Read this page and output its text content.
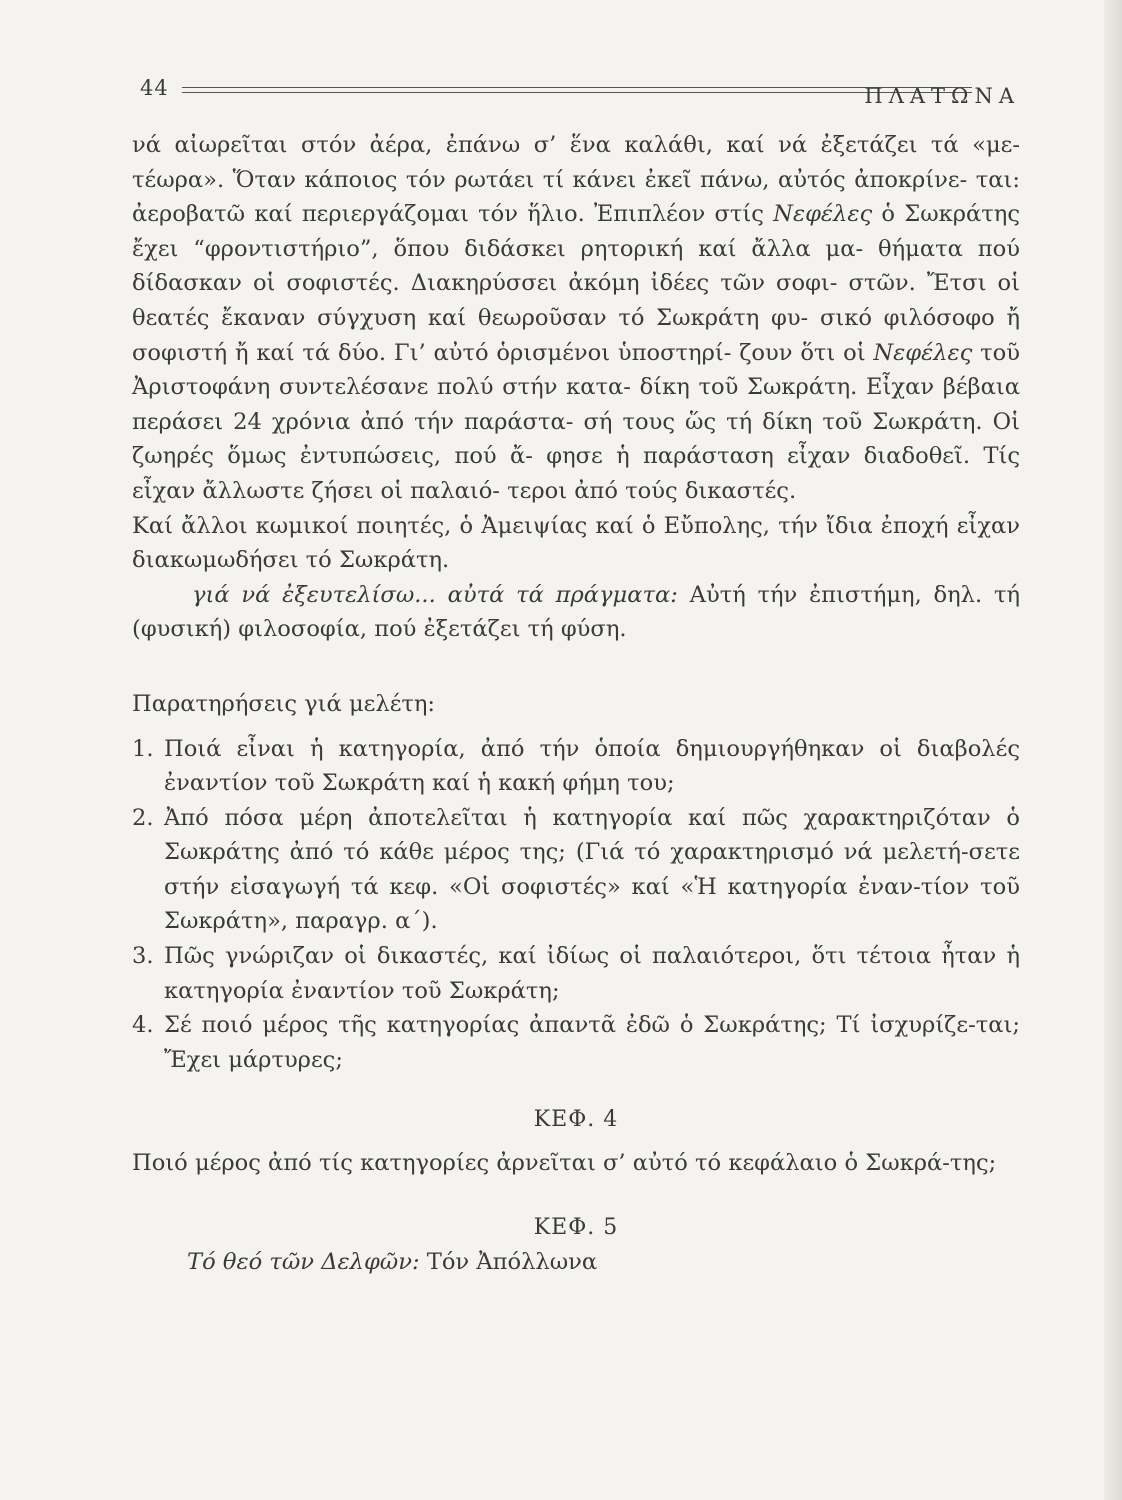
44	ΠΛΑΤΩΝΑ

νά αἰωρεῖται στόν ἀέρα, ἐπάνω σ’ ἕνα καλάθι, καί νά ἐξετάζει τά «με- τέωρα». Ὅταν κάποιος τόν ρωτάει τί κάνει ἐκεῖ πάνω, αὐτός ἀποκρίνε- ται: ἀεροβατῶ καί περιεργάζομαι τόν ἥλιο. Ἐπιπλέον στίς Νεφέλες ὁ Σωκράτης ἔχει “φροντιστήριο”, ὅπου διδάσκει ρητορική καί ἄλλα μα- θήματα πού δίδασκαν οἱ σοφιστές. Διακηρύσσει ἀκόμη ἰδέες τῶν σοφι- στῶν. Ἔτσι οἱ θεατές ἔκαναν σύγχυση καί θεωροῦσαν τό Σωκράτη φυ- σικό φιλόσοφο ἤ σοφιστή ἤ καί τά δύο. Γι’ αὐτό ὁρισμένοι ὑποστηρί- ζουν ὅτι οἱ Νεφέλες τοῦ Ἀριστοφάνη συντελέσανε πολύ στήν κατα- δίκη τοῦ Σωκράτη. Εἶχαν βέβαια περάσει 24 χρόνια ἀπό τήν παράστα- σή τους ὥς τή δίκη τοῦ Σωκράτη. Οἱ ζωηρές ὅμως ἐντυπώσεις, πού ἄ- φησε ἡ παράσταση εἶχαν διαδοθεῖ. Τίς εἶχαν ἄλλωστε ζήσει οἱ παλαιό- τεροι ἀπό τούς δικαστές.

Καί ἄλλοι κωμικοί ποιητές, ὁ Ἀμειψίας καί ὁ Εὔπολης, τήν ἴδια ἐποχή εἶχαν διακωμωδήσει τό Σωκράτη.

γιά νά ἐξευτελίσω... αὐτά τά πράγματα: Αὐτή τήν ἐπιστήμη, δηλ. τή (φυσική) φιλοσοφία, πού ἐξετάζει τή φύση.

Παρατηρήσεις γιά μελέτη:
1. Ποιά εἶναι ἡ κατηγορία, ἀπό τήν ὁποία δημιουργήθηκαν οἱ διαβολές ἐναντίον τοῦ Σωκράτη καί ἡ κακή φήμη του;
2. Ἀπό πόσα μέρη ἀποτελεῖται ἡ κατηγορία καί πῶς χαρακτηριζόταν ὁ Σωκράτης ἀπό τό κάθε μέρος της; (Γιά τό χαρακτηρισμό νά μελετή-σετε στήν εἰσαγωγή τά κεφ. «Οἱ σοφιστές» καί «Ἡ κατηγορία ἐναν-τίον τοῦ Σωκράτη», παραγρ. α΄).
3. Πῶς γνώριζαν οἱ δικαστές, καί ἰδίως οἱ παλαιότεροι, ὅτι τέτοια ἦταν ἡ κατηγορία ἐναντίον τοῦ Σωκράτη;
4. Σέ ποιό μέρος τῆς κατηγορίας ἀπαντᾶ ἐδῶ ὁ Σωκράτης; Τί ἰσχυρίζε-ται; Ἔχει μάρτυρες;
ΚΕΦ. 4

Ποιό μέρος ἀπό τίς κατηγορίες ἀρνεῖται σ’ αὐτό τό κεφάλαιο ὁ Σωκρά-της;

ΚΕΦ. 5

Τό θεό τῶν Δελφῶν: Τόν Ἀπόλλωνα
